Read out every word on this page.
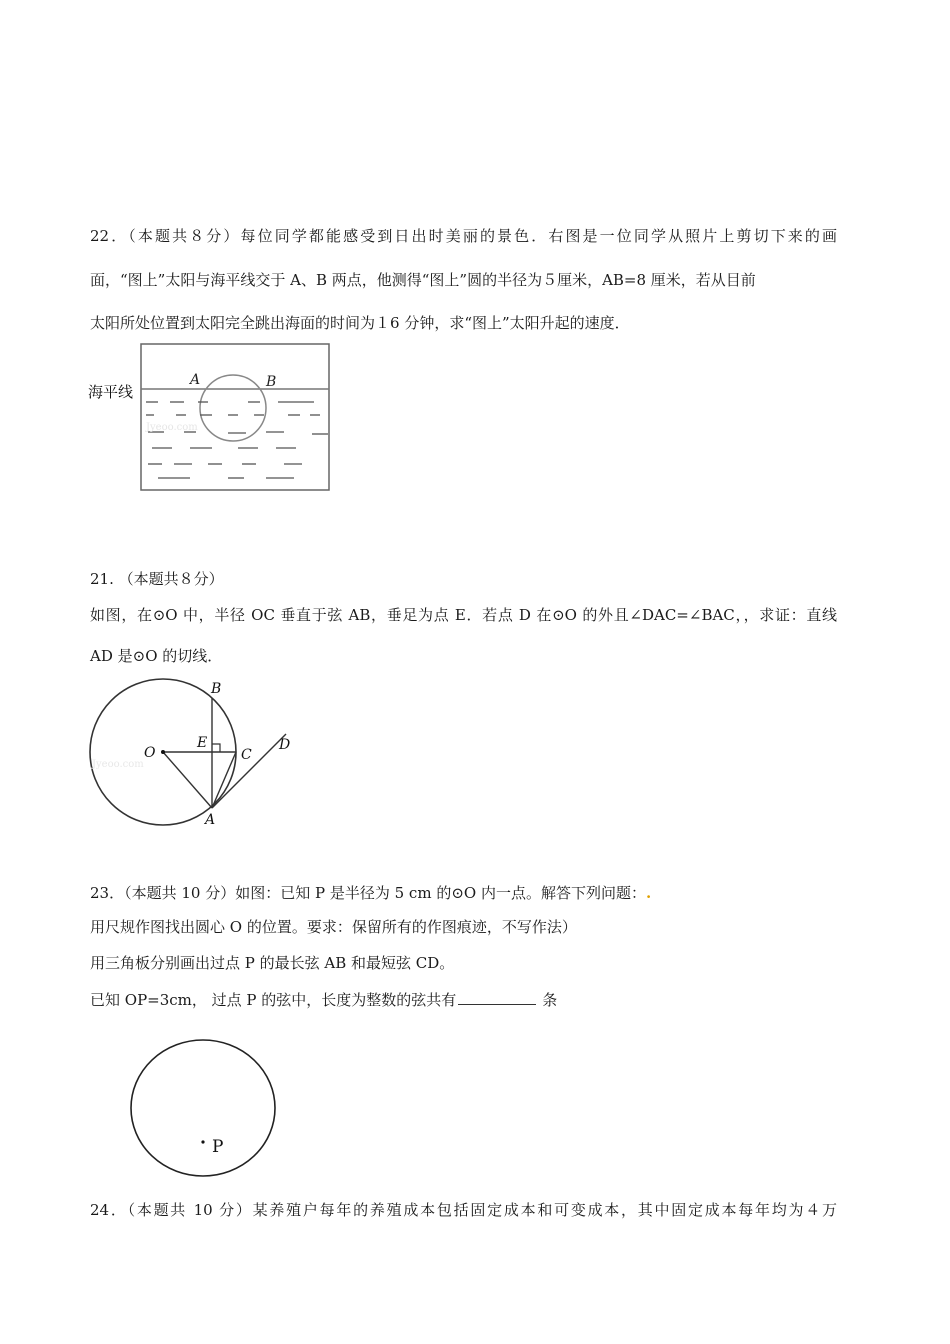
22．（本题共８分）每位同学都能感受到日出时美丽的景色．右图是一位同学从照片上剪切下来的画
面，“图上”太阳与海平线交于 A、B 两点，他测得“图上”圆的半径为５厘米，AB=8 厘米，若从目前
太阳所处位置到太阳完全跳出海面的时间为１6 分钟，求“图上”太阳升起的速度．
海平线
A	B
Jyeoo.com
21. （本题共８分）
如图，在⊙O 中，半径 OC 垂直于弦 AB，垂足为点 E．若点 D 在⊙O 的外且∠DAC=∠BAC，，求证：直线
AD 是⊙O 的切线．
O
E
B
C
D
A
Jyeoo.com
23．（本题共 10 分）如图：已知 P 是半径为 5 cm 的⊙O 内一点。解答下列问题：.
用尺规作图找出圆心 O 的位置。要求：保留所有的作图痕迹，不写作法）
用三角板分别画出过点 P 的最长弦 AB 和最短弦 CD。
已知 OP=3cm， 过点 P 的弦中，长度为整数的弦共有	条
P
24．（本题共 10 分）某养殖户每年的养殖成本包括固定成本和可变成本，其中固定成本每年均为４万
